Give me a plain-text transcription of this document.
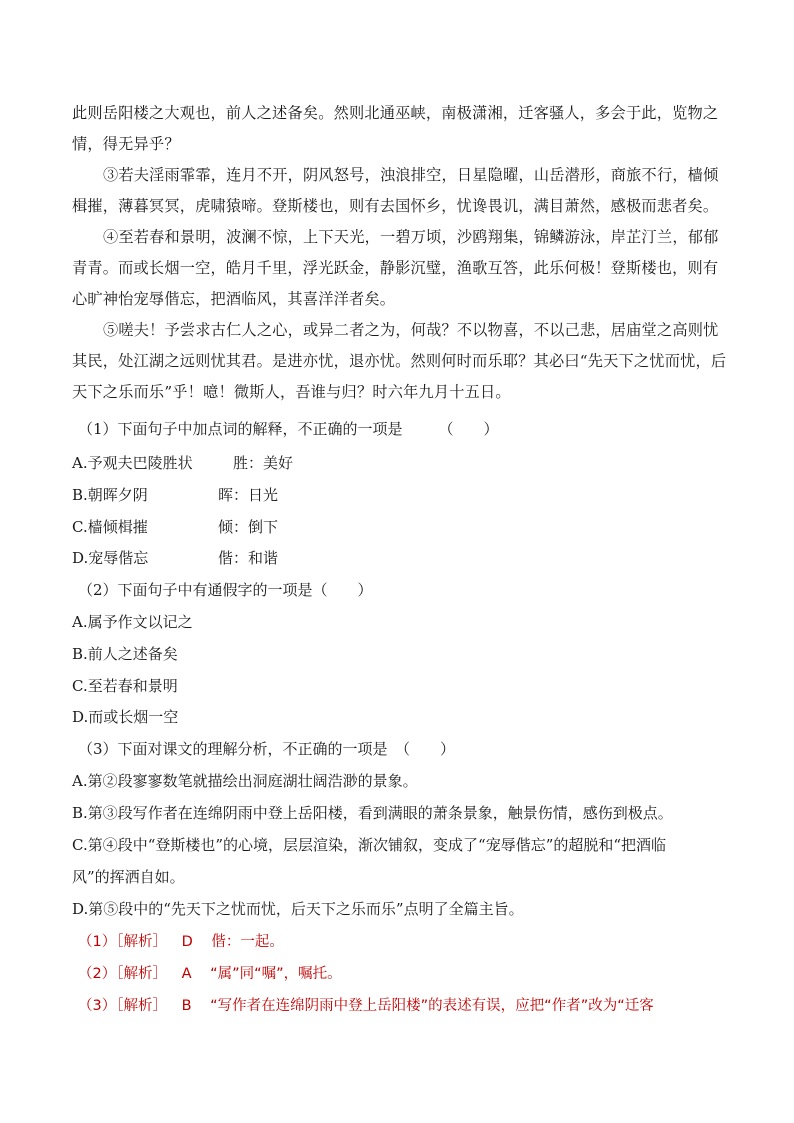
此则岳阳楼之大观也，前人之述备矣。然则北通巫峡，南极潇湘，迁客骚人，多会于此，览物之情，得无异乎？

③若夫淫雨霏霏，连月不开，阴风怒号，浊浪排空，日星隐曜，山岳潜形，商旅不行，樯倾楫摧，薄暮冥冥，虎啸猿啼。登斯楼也，则有去国怀乡，忧谗畏讥，满目萧然，感极而悲者矣。

④至若春和景明，波澜不惊，上下天光，一碧万顷，沙鸥翔集，锦鳞游泳，岸芷汀兰，郁郁青青。而或长烟一空，皓月千里，浮光跃金，静影沉璧，渔歌互答，此乐何极！登斯楼也，则有心旷神怡宠辱偕忘，把酒临风，其喜洋洋者矣。

⑤嗟夫！予尝求古仁人之心，或异二者之为，何哉？不以物喜，不以己悲，居庙堂之高则忧其民，处江湖之远则忧其君。是进亦忧，退亦忧。然则何时而乐耶？其必曰“先天下之忧而忧，后天下之乐而乐”乎！噫！微斯人，吾谁与归？时六年九月十五日。

（1）下面句子中加点词的解释，不正确的一项是 （　　）
A.予观夫巴陵胜状	胜：美好
B.朝晖夕阴	晖：日光
C.樯倾楫摧	倾：倒下
D.宠辱偕忘	偕：和谐
（2）下面句子中有通假字的一项是（　　）
A.属予作文以记之
B.前人之述备矣
C.至若春和景明
D.而或长烟一空
（3）下面对课文的理解分析，不正确的一项是　（　　）
A.第②段寥寥数笔就描绘出洞庭湖壮阔浩渺的景象。
B.第③段写作者在连绵阴雨中登上岳阳楼，看到满眼的萧条景象，触景伤情，感伤到极点。
C.第④段中“登斯楼也”的心境，层层渲染，渐次铺叙，变成了“宠辱偕忘”的超脱和“把酒临
风”的挥洒自如。
D.第⑤段中的“先天下之忧而忧，后天下之乐而乐”点明了全篇主旨。
（1）［解析］ D 偕：一起。
（2）［解析］ A “属”同“嘱”，嘱托。
（3）［解析］ B “写作者在连绵阴雨中登上岳阳楼”的表述有误，应把“作者”改为“迁客
